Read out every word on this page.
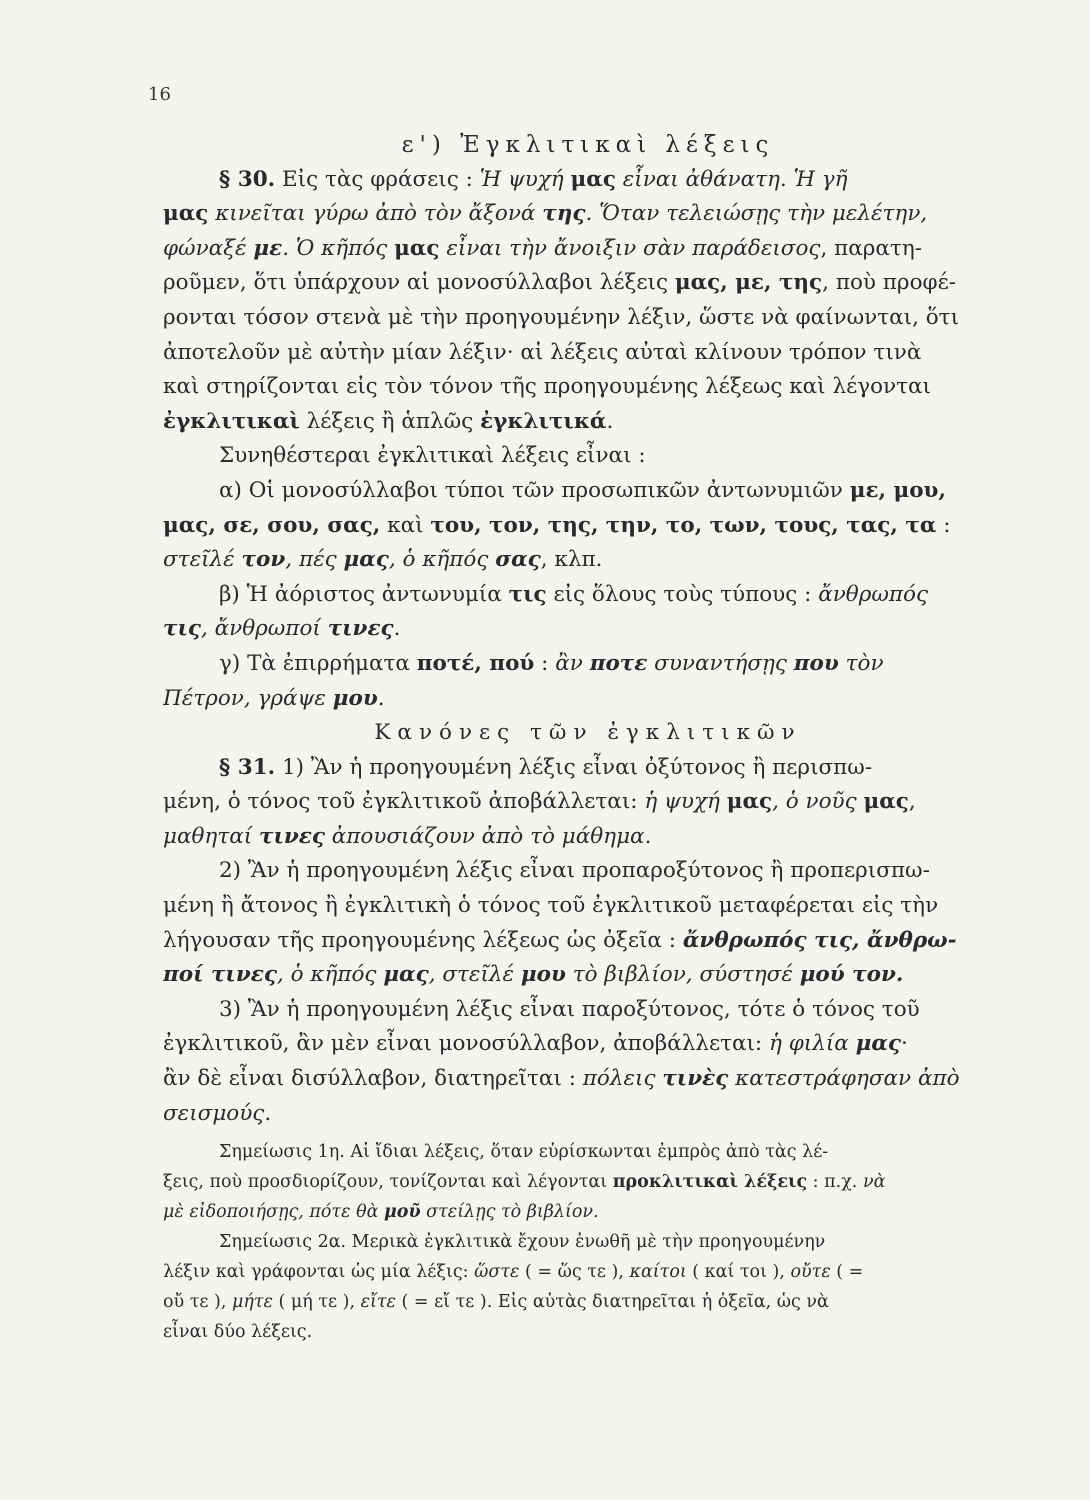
16
ε') Ἐγκλιτικαὶ λέξεις
§ 30. Εἰς τὰς φράσεις : Ἡ ψυχή μας εἶναι ἀθάνατη. Ἡ γῆ
μας κινεῖται γύρω ἀπὸ τὸν ἄξονά της. Ὅταν τελειώσῃς τὴν μελέτην,
φώναξέ με. Ὁ κῆπός μας εἶναι τὴν ἄνοιξιν σὰν παράδεισος, παρατη-
ροῦμεν, ὅτι ὑπάρχουν αἱ μονοσύλλαβοι λέξεις μας, με, της, ποὺ προφέ-
ρονται τόσον στενὰ μὲ τὴν προηγουμένην λέξιν, ὥστε νὰ φαίνωνται, ὅτι
ἀποτελοῦν μὲ αὐτὴν μίαν λέξιν· αἱ λέξεις αὐταὶ κλίνουν τρόπον τινὰ
καὶ στηρίζονται εἰς τὸν τόνον τῆς προηγουμένης λέξεως καὶ λέγονται
ἐγκλιτικαὶ λέξεις ἢ ἁπλῶς ἐγκλιτικά.
Συνηθέστεραι ἐγκλιτικαὶ λέξεις εἶναι :
α) Οἱ μονοσύλλαβοι τύποι τῶν προσωπικῶν ἀντωνυμιῶν με, μου,
μας, σε, σου, σας, καὶ του, τον, της, την, το, των, τους, τας, τα :
στεῖλέ τον, πές μας, ὁ κῆπός σας, κλπ.
β) Ἡ ἀόριστος ἀντωνυμία τις εἰς ὅλους τοὺς τύπους : ἄνθρωπός
τις, ἄνθρωποί τινες.
γ) Τὰ ἐπιρρήματα ποτέ, πού : ἂν ποτε συναντήσῃς που τὸν
Πέτρον, γράψε μου.
Κανόνες τῶν ἐγκλιτικῶν
§ 31. 1) Ἂν ἡ προηγουμένη λέξις εἶναι ὀξύτονος ἢ περισπω-
μένη, ὁ τόνος τοῦ ἐγκλιτικοῦ ἀποβάλλεται: ἡ ψυχή μας, ὁ νοῦς μας,
μαθηταί τινες ἀπουσιάζουν ἀπὸ τὸ μάθημα.
2) Ἂν ἡ προηγουμένη λέξις εἶναι προπαροξύτονος ἢ προπερισπω-
μένη ἢ ἄτονος ἢ ἐγκλιτικὴ ὁ τόνος τοῦ ἐγκλιτικοῦ μεταφέρεται εἰς τὴν
λήγουσαν τῆς προηγουμένης λέξεως ὡς ὀξεῖα : ἄνθρωπός τις, ἄνθρω-
ποί τινες, ὁ κῆπός μας, στεῖλέ μου τὸ βιβλίον, σύστησέ μού τον.
3) Ἂν ἡ προηγουμένη λέξις εἶναι παροξύτονος, τότε ὁ τόνος τοῦ
ἐγκλιτικοῦ, ἂν μὲν εἶναι μονοσύλλαβον, ἀποβάλλεται: ἡ φιλία μας·
ἂν δὲ εἶναι δισύλλαβον, διατηρεῖται : πόλεις τινὲς κατεστράφησαν ἀπὸ
σεισμούς.
Σημείωσις 1η. Αἱ ἴδιαι λέξεις, ὅταν εὑρίσκωνται ἐμπρὸς ἀπὸ τὰς λέ-
ξεις, ποὺ προσδιορίζουν, τονίζονται καὶ λέγονται προκλιτικαὶ λέξεις : π.χ. νὰ
μὲ εἰδοποιήσῃς, πότε θὰ μοῦ στείλῃς τὸ βιβλίον.
Σημείωσις 2α. Μερικὰ ἐγκλιτικὰ ἔχουν ἑνωθῆ μὲ τὴν προηγουμένην
λέξιν καὶ γράφονται ὡς μία λέξις: ὥστε ( = ὥς τε ), καίτοι ( καί τοι ), οὔτε ( =
οὔ τε ), μήτε ( μή τε ), εἴτε ( = εἴ τε ). Εἰς αὐτὰς διατηρεῖται ἡ ὀξεῖα, ὡς νὰ
εἶναι δύο λέξεις.
